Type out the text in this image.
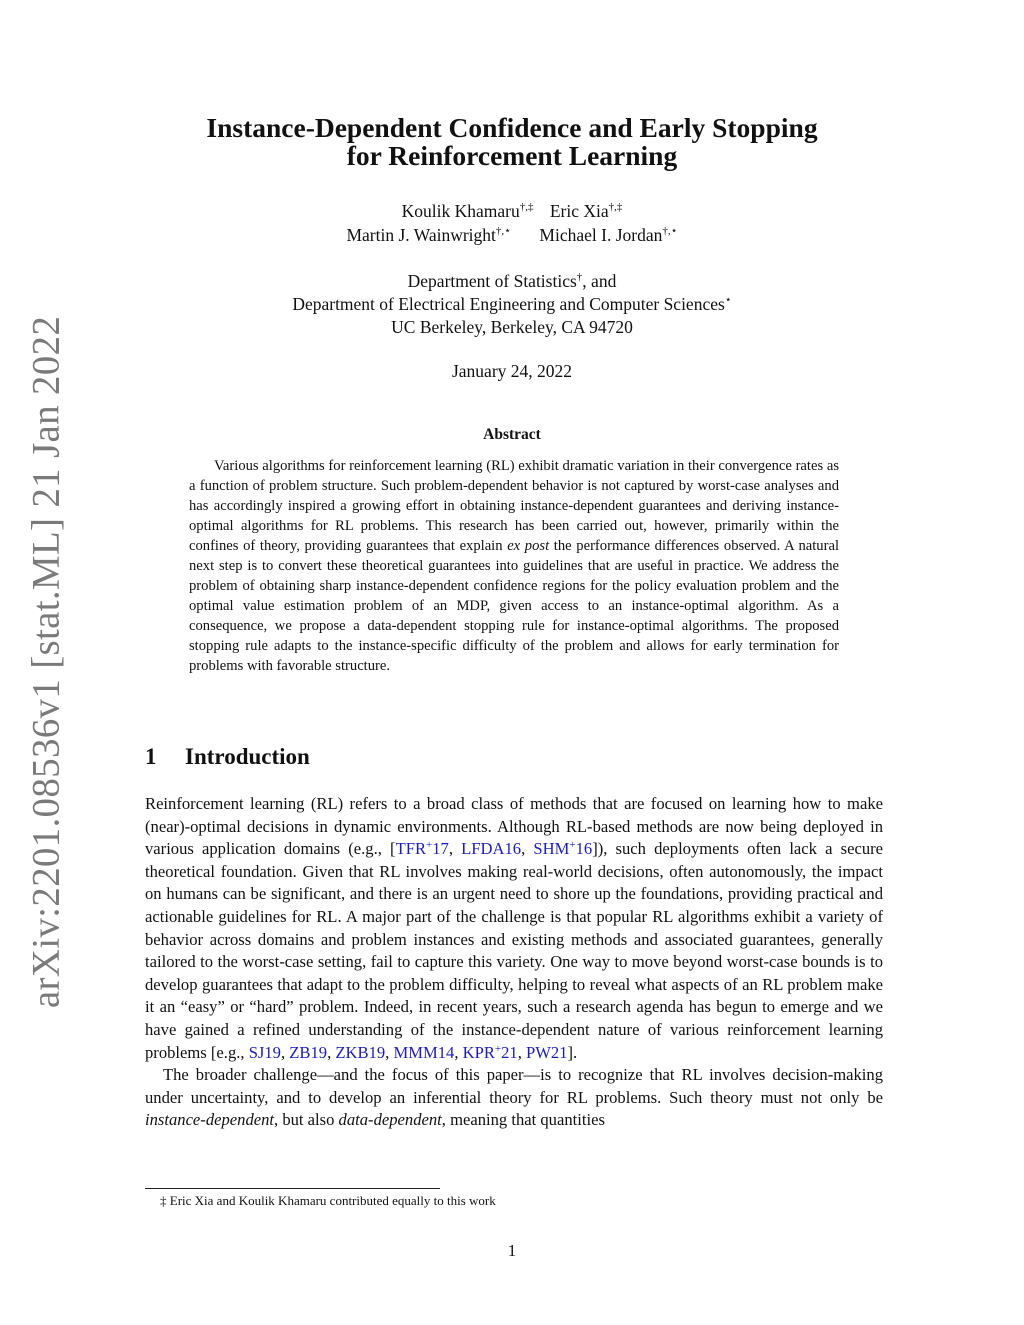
arXiv:2201.08536v1 [stat.ML] 21 Jan 2022
Instance-Dependent Confidence and Early Stopping
for Reinforcement Learning
Koulik Khamaru†,‡ Eric Xia†,‡
Martin J. Wainwright†,⋆ Michael I. Jordan†,⋆
Department of Statistics†, and
Department of Electrical Engineering and Computer Sciences⋆
UC Berkeley, Berkeley, CA 94720
January 24, 2022
Abstract

Various algorithms for reinforcement learning (RL) exhibit dramatic variation in their convergence rates as a function of problem structure. Such problem-dependent behavior is not captured by worst-case analyses and has accordingly inspired a growing effort in obtaining instance-dependent guarantees and deriving instance-optimal algorithms for RL problems. This research has been carried out, however, primarily within the confines of theory, providing guarantees that explain ex post the performance differences observed. A natural next step is to convert these theoretical guarantees into guidelines that are useful in practice. We address the problem of obtaining sharp instance-dependent confidence regions for the policy evaluation problem and the optimal value estimation problem of an MDP, given access to an instance-optimal algorithm. As a consequence, we propose a data-dependent stopping rule for instance-optimal algorithms. The proposed stopping rule adapts to the instance-specific difficulty of the problem and allows for early termination for problems with favorable structure.

1 Introduction

Reinforcement learning (RL) refers to a broad class of methods that are focused on learning how to make (near)-optimal decisions in dynamic environments. Although RL-based methods are now being deployed in various application domains (e.g., [TFR+17, LFDA16, SHM+16]), such deployments often lack a secure theoretical foundation. Given that RL involves making real-world decisions, often autonomously, the impact on humans can be significant, and there is an urgent need to shore up the foundations, providing practical and actionable guidelines for RL. A major part of the challenge is that popular RL algorithms exhibit a variety of behavior across domains and problem instances and existing methods and associated guarantees, generally tailored to the worst-case setting, fail to capture this variety. One way to move beyond worst-case bounds is to develop guarantees that adapt to the problem difficulty, helping to reveal what aspects of an RL problem make it an “easy” or “hard” problem. Indeed, in recent years, such a research agenda has begun to emerge and we have gained a refined understanding of the instance-dependent nature of various reinforcement learning problems [e.g., SJ19, ZB19, ZKB19, MMM14, KPR+21, PW21].

The broader challenge—and the focus of this paper—is to recognize that RL involves decision-making under uncertainty, and to develop an inferential theory for RL problems. Such theory must not only be instance-dependent, but also data-dependent, meaning that quantities

‡ Eric Xia and Koulik Khamaru contributed equally to this work
1
